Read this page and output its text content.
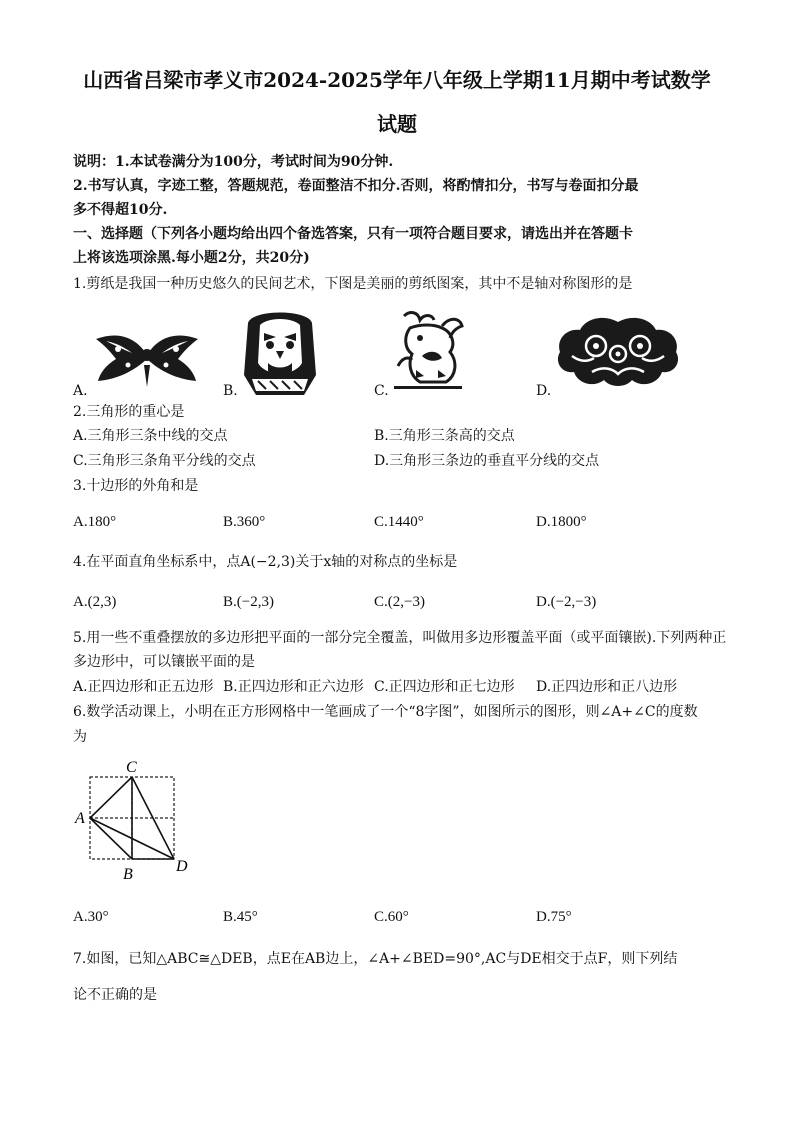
山西省吕梁市孝义市2024-2025学年八年级上学期11月期中考试数学
试题
说明：1.本试卷满分为100分，考试时间为90分钟.
2.书写认真，字迹工整，答题规范，卷面整洁不扣分.否则，将酌情扣分，书写与卷面扣分最
多不得超10分.
一、选择题（下列各小题均给出四个备选答案，只有一项符合题目要求，请选出并在答题卡
上将该选项涂黑.每小题2分，共20分)
1.剪纸是我国一种历史悠久的民间艺术，下图是美丽的剪纸图案，其中不是轴对称图形的是
A.	B.	C.	D.
2.三角形的重心是
A.三角形三条中线的交点	B.三角形三条高的交点
C.三角形三条角平分线的交点	D.三角形三条边的垂直平分线的交点
3.十边形的外角和是
A.180°	B.360°	C.1440°	D.1800°
4.在平面直角坐标系中，点A(−2,3)关于x轴的对称点的坐标是
A.(2,3)	B.(−2,3)	C.(2,−3)	D.(−2,−3)
5.用一些不重叠摆放的多边形把平面的一部分完全覆盖，叫做用多边形覆盖平面（或平面镶嵌).下列两种正
多边形中，可以镶嵌平面的是
A.正四边形和正五边形 B.正四边形和正六边形 C.正四边形和正七边形 D.正四边形和正八边形
6.数学活动课上，小明在正方形网格中一笔画成了一个“8字图”，如图所示的图形，则∠A+∠C的度数
为
C
A
B	D
A.30°	B.45°	C.60°	D.75°
7.如图，已知△ABC≅△DEB，点E在AB边上，∠A+∠BED=90°,AC与DE相交于点F，则下列结
论不正确的是
